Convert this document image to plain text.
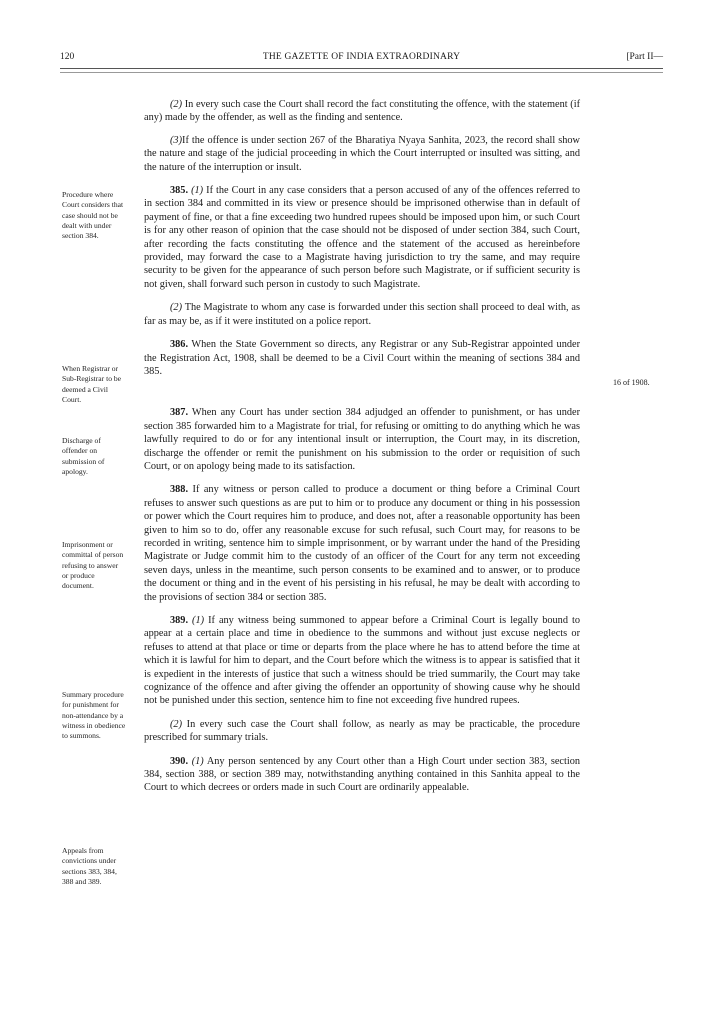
120	THE GAZETTE OF INDIA EXTRAORDINARY	[Part II—

(2) In every such case the Court shall record the fact constituting the offence, with the statement (if any) made by the offender, as well as the finding and sentence.

(3)If the offence is under section 267 of the Bharatiya Nyaya Sanhita, 2023, the record shall show the nature and stage of the judicial proceeding in which the Court interrupted or insulted was sitting, and the nature of the interruption or insult.

385. (1) If the Court in any case considers that a person accused of any of the offences referred to in section 384 and committed in its view or presence should be imprisoned otherwise than in default of payment of fine, or that a fine exceeding two hundred rupees should be imposed upon him, or such Court is for any other reason of opinion that the case should not be disposed of under section 384, such Court, after recording the facts constituting the offence and the statement of the accused as hereinbefore provided, may forward the case to a Magistrate having jurisdiction to try the same, and may require security to be given for the appearance of such person before such Magistrate, or if sufficient security is not given, shall forward such person in custody to such Magistrate.

(2) The Magistrate to whom any case is forwarded under this section shall proceed to deal with, as far as may be, as if it were instituted on a police report.

386. When the State Government so directs, any Registrar or any Sub-Registrar appointed under the Registration Act, 1908, shall be deemed to be a Civil Court within the meaning of sections 384 and 385.

387. When any Court has under section 384 adjudged an offender to punishment, or has under section 385 forwarded him to a Magistrate for trial, for refusing or omitting to do anything which he was lawfully required to do or for any intentional insult or interruption, the Court may, in its discretion, discharge the offender or remit the punishment on his submission to the order or requisition of such Court, or on apology being made to its satisfaction.

388. If any witness or person called to produce a document or thing before a Criminal Court refuses to answer such questions as are put to him or to produce any document or thing in his possession or power which the Court requires him to produce, and does not, after a reasonable opportunity has been given to him so to do, offer any reasonable excuse for such refusal, such Court may, for reasons to be recorded in writing, sentence him to simple imprisonment, or by warrant under the hand of the Presiding Magistrate or Judge commit him to the custody of an officer of the Court for any term not exceeding seven days, unless in the meantime, such person consents to be examined and to answer, or to produce the document or thing and in the event of his persisting in his refusal, he may be dealt with according to the provisions of section 384 or section 385.

389. (1) If any witness being summoned to appear before a Criminal Court is legally bound to appear at a certain place and time in obedience to the summons and without just excuse neglects or refuses to attend at that place or time or departs from the place where he has to attend before the time at which it is lawful for him to depart, and the Court before which the witness is to appear is satisfied that it is expedient in the interests of justice that such a witness should be tried summarily, the Court may take cognizance of the offence and after giving the offender an opportunity of showing cause why he should not be punished under this section, sentence him to fine not exceeding five hundred rupees.

(2) In every such case the Court shall follow, as nearly as may be practicable, the procedure prescribed for summary trials.

390. (1) Any person sentenced by any Court other than a High Court under section 383, section 384, section 388, or section 389 may, notwithstanding anything contained in this Sanhita appeal to the Court to which decrees or orders made in such Court are ordinarily appealable.

Procedure where Court considers that case should not be dealt with under section 384.
When Registrar or Sub-Registrar to be deemed a Civil Court.
Discharge of offender on submission of apology.
Imprisonment or committal of person refusing to answer or produce document.
Summary procedure for punishment for non-attendance by a witness in obedience to summons.
Appeals from convictions under sections 383, 384, 388 and 389.
16 of 1908.
